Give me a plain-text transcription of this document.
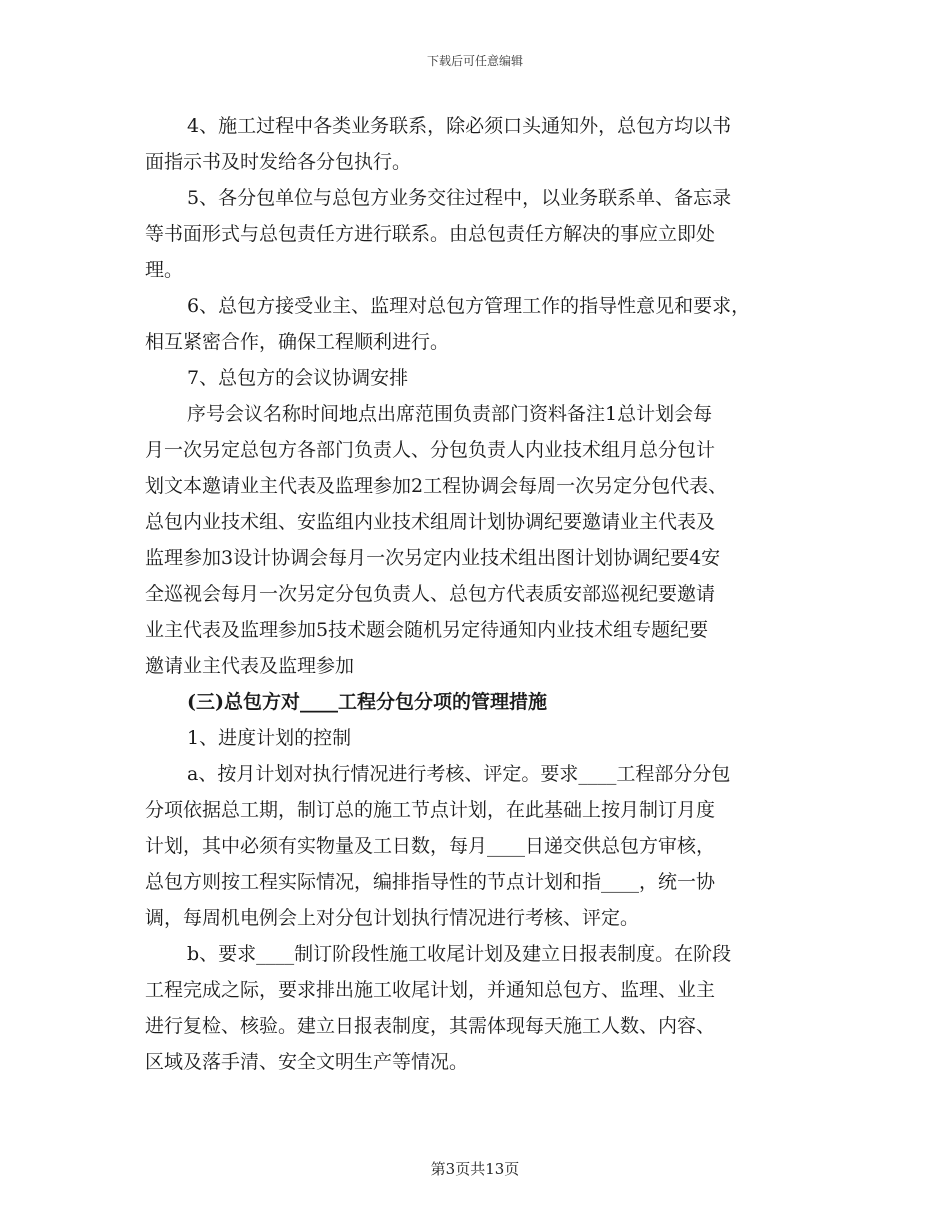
下载后可任意编辑
4、施工过程中各类业务联系，除必须口头通知外，总包方均以书
面指示书及时发给各分包执行。
5、各分包单位与总包方业务交往过程中，以业务联系单、备忘录
等书面形式与总包责任方进行联系。由总包责任方解决的事应立即处
理。
6、总包方接受业主、监理对总包方管理工作的指导性意见和要求，
相互紧密合作，确保工程顺利进行。
7、总包方的会议协调安排
序号会议名称时间地点出席范围负责部门资料备注1总计划会每
月一次另定总包方各部门负责人、分包负责人内业技术组月总分包计
划文本邀请业主代表及监理参加2工程协调会每周一次另定分包代表、
总包内业技术组、安监组内业技术组周计划协调纪要邀请业主代表及
监理参加3设计协调会每月一次另定内业技术组出图计划协调纪要4安
全巡视会每月一次另定分包负责人、总包方代表质安部巡视纪要邀请
业主代表及监理参加5技术题会随机另定待通知内业技术组专题纪要
邀请业主代表及监理参加
(三)总包方对____工程分包分项的管理措施
1、进度计划的控制
a、按月计划对执行情况进行考核、评定。要求____工程部分分包
分项依据总工期，制订总的施工节点计划，在此基础上按月制订月度
计划，其中必须有实物量及工日数，每月____日递交供总包方审核，
总包方则按工程实际情况，编排指导性的节点计划和指____，统一协
调，每周机电例会上对分包计划执行情况进行考核、评定。
b、要求____制订阶段性施工收尾计划及建立日报表制度。在阶段
工程完成之际，要求排出施工收尾计划，并通知总包方、监理、业主
进行复检、核验。建立日报表制度，其需体现每天施工人数、内容、
区域及落手清、安全文明生产等情况。
第3页共13页
